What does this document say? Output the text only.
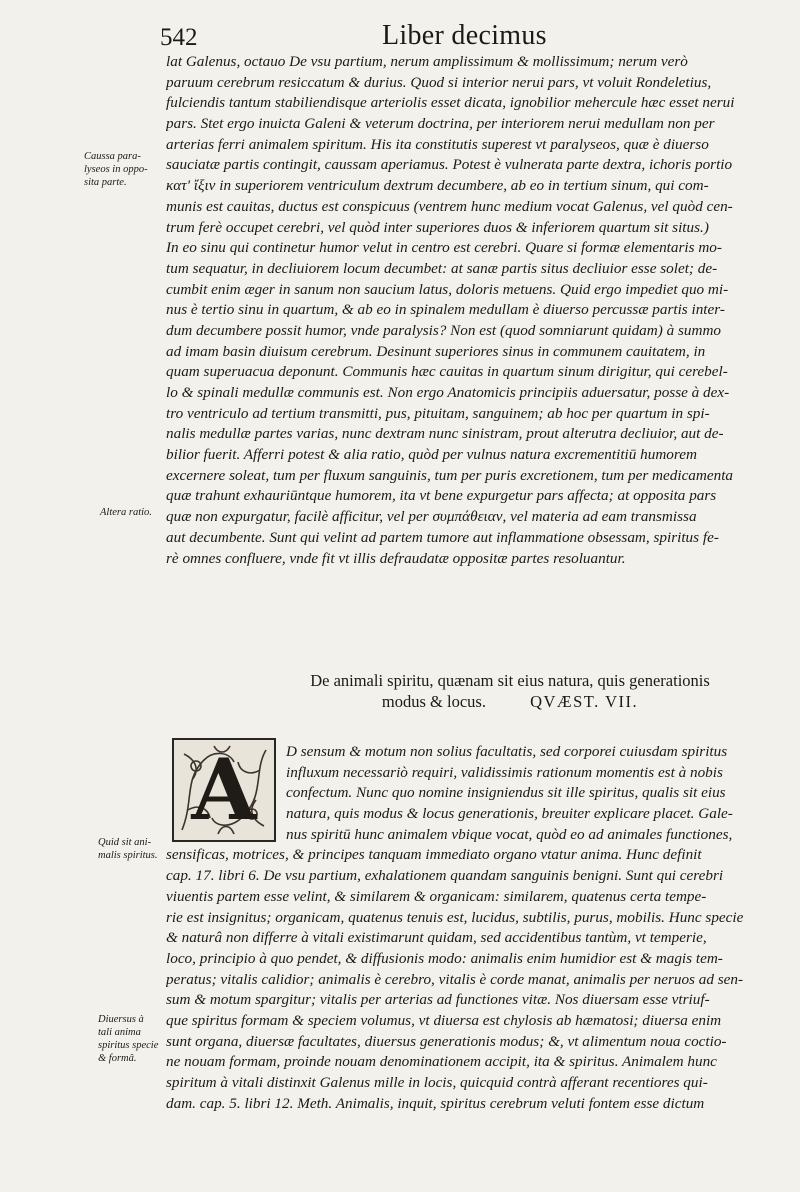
542	Liber decimus
lat Galenus, octauo De vsu partium, nerum amplissimum & mollissimum; nerum verò
paruum cerebrum resiccatum & durius. Quod si interior nerui pars, vt voluit Rondeletius,
fulciendis tantum stabiliendisque arteriolis esset dicata, ignobilior mehercule hæc esset nerui
pars. Stet ergo inuicta Galeni & veterum doctrina, per interiorem nerui medullam non per
arterias ferri animalem spiritum. His ita constitutis superest vt paralyseos, quæ è diuerso
sauciatæ partis contingit, caussam aperiamus. Potest è vulnerata parte dextra, ichoris portio
κατ' ἴξιν in superiorem ventriculum dextrum decumbere, ab eo in tertium sinum, qui com-
munis est cauitas, ductus est conspicuus (ventrem hunc medium vocat Galenus, vel quòd cen-
trum ferè occupet cerebri, vel quòd inter superiores duos & inferiorem quartum sit situs.)
In eo sinu qui continetur humor velut in centro est cerebri. Quare si formæ elementaris mo-
tum sequatur, in decliuiorem locum decumbet: at sanæ partis situs decliuior esse solet; de-
cumbit enim æger in sanum non saucium latus, doloris metuens. Quid ergo impediet quo mi-
nus è tertio sinu in quartum, & ab eo in spinalem medullam è diuerso percussæ partis inter-
dum decumbere possit humor, vnde paralysis? Non est (quod somniarunt quidam) à summo
ad imam basin diuisum cerebrum. Desinunt superiores sinus in communem cauitatem, in
quam superuacua deponunt. Communis hæc cauitas in quartum sinum dirigitur, qui cerebel-
lo & spinali medullæ communis est. Non ergo Anatomicis principiis aduersatur, posse à dex-
tro ventriculo ad tertium transmitti, pus, pituitam, sanguinem; ab hoc per quartum in spi-
nalis medullæ partes varias, nunc dextram nunc sinistram, prout alterutra decliuior, aut de-
bilior fuerit. Afferri potest & alia ratio, quòd per vulnus natura excrementitiū humorem
excernere soleat, tum per fluxum sanguinis, tum per puris excretionem, tum per medicamenta
quæ trahunt exhauriūntque humorem, ita vt bene expurgetur pars affecta; at opposita pars
quæ non expurgatur, facilè afficitur, vel per συμπάθειαν, vel materia ad eam transmissa
aut decumbente. Sunt qui velint ad partem tumore aut inflammatione obsessam, spiritus fe-
rè omnes confluere, vnde fit vt illis defraudatæ oppositæ partes resoluantur.
Caussa para-
lyseos in oppo-
sita parte.
Altera ratio.
De animali spiritu, quænam sit eius natura, quis generationis
modus & locus.	QVÆST. VII.
A	D sensum & motum non solius facultatis, sed corporei cuiusdam spiritus
influxum necessariò requiri, validissimis rationum momentis est à nobis
confectum. Nunc quo nomine insigniendus sit ille spiritus, qualis sit eius
natura, quis modus & locus generationis, breuiter explicare placet. Gale-
nus spiritū hunc animalem vbique vocat, quòd eo ad animales functiones,
sensificas, motrices, & principes tanquam immediato organo vtatur anima. Hunc definit
cap. 17. libri 6. De vsu partium, exhalationem quandam sanguinis benigni. Sunt qui cerebri
viuentis partem esse velint, & similarem & organicam: similarem, quatenus certa tempe-
rie est insignitus; organicam, quatenus tenuis est, lucidus, subtilis, purus, mobilis. Hunc specie
& naturâ non differre à vitali existimarunt quidam, sed accidentibus tantùm, vt temperie,
loco, principio à quo pendet, & diffusionis modo: animalis enim humidior est & magis tem-
peratus; vitalis calidior; animalis è cerebro, vitalis è corde manat, animalis per neruos ad sen-
sum & motum spargitur; vitalis per arterias ad functiones vitæ. Nos diuersam esse vtriuf-
que spiritus formam & speciem volumus, vt diuersa est chylosis ab hæmatosi; diuersa enim
sunt organa, diuersæ facultates, diuersus generationis modus; &, vt alimentum noua coctio-
ne nouam formam, proinde nouam denominationem accipit, ita & spiritus. Animalem hunc
spiritum à vitali distinxit Galenus mille in locis, quicquid contrà afferant recentiores qui-
dam. cap. 5. libri 12. Meth. Animalis, inquit, spiritus cerebrum veluti fontem esse dictum
Quid sit ani-
malis spiritus.
Diuersus à
tali anima
spiritus specie
& formâ.
